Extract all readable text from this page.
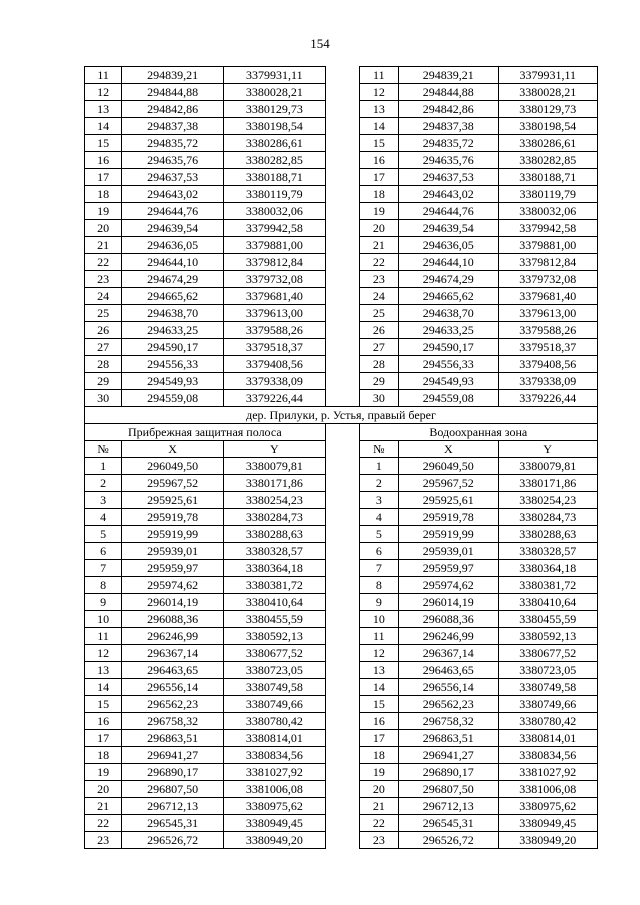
154
11	294839,21	3379931,11		11	294839,21	3379931,11
12	294844,88	3380028,21		12	294844,88	3380028,21
13	294842,86	3380129,73		13	294842,86	3380129,73
14	294837,38	3380198,54		14	294837,38	3380198,54
15	294835,72	3380286,61		15	294835,72	3380286,61
16	294635,76	3380282,85		16	294635,76	3380282,85
17	294637,53	3380188,71		17	294637,53	3380188,71
18	294643,02	3380119,79		18	294643,02	3380119,79
19	294644,76	3380032,06		19	294644,76	3380032,06
20	294639,54	3379942,58		20	294639,54	3379942,58
21	294636,05	3379881,00		21	294636,05	3379881,00
22	294644,10	3379812,84		22	294644,10	3379812,84
23	294674,29	3379732,08		23	294674,29	3379732,08
24	294665,62	3379681,40		24	294665,62	3379681,40
25	294638,70	3379613,00		25	294638,70	3379613,00
26	294633,25	3379588,26		26	294633,25	3379588,26
27	294590,17	3379518,37		27	294590,17	3379518,37
28	294556,33	3379408,56		28	294556,33	3379408,56
29	294549,93	3379338,09		29	294549,93	3379338,09
30	294559,08	3379226,44		30	294559,08	3379226,44
дер. Прилуки, р. Устья, правый берег						
Прибрежная защитная полоса				Водоохранная зона		
№	X	Y		№	X	Y
1	296049,50	3380079,81		1	296049,50	3380079,81
2	295967,52	3380171,86		2	295967,52	3380171,86
3	295925,61	3380254,23		3	295925,61	3380254,23
4	295919,78	3380284,73		4	295919,78	3380284,73
5	295919,99	3380288,63		5	295919,99	3380288,63
6	295939,01	3380328,57		6	295939,01	3380328,57
7	295959,97	3380364,18		7	295959,97	3380364,18
8	295974,62	3380381,72		8	295974,62	3380381,72
9	296014,19	3380410,64		9	296014,19	3380410,64
10	296088,36	3380455,59		10	296088,36	3380455,59
11	296246,99	3380592,13		11	296246,99	3380592,13
12	296367,14	3380677,52		12	296367,14	3380677,52
13	296463,65	3380723,05		13	296463,65	3380723,05
14	296556,14	3380749,58		14	296556,14	3380749,58
15	296562,23	3380749,66		15	296562,23	3380749,66
16	296758,32	3380780,42		16	296758,32	3380780,42
17	296863,51	3380814,01		17	296863,51	3380814,01
18	296941,27	3380834,56		18	296941,27	3380834,56
19	296890,17	3381027,92		19	296890,17	3381027,92
20	296807,50	3381006,08		20	296807,50	3381006,08
21	296712,13	3380975,62		21	296712,13	3380975,62
22	296545,31	3380949,45		22	296545,31	3380949,45
23	296526,72	3380949,20		23	296526,72	3380949,20
